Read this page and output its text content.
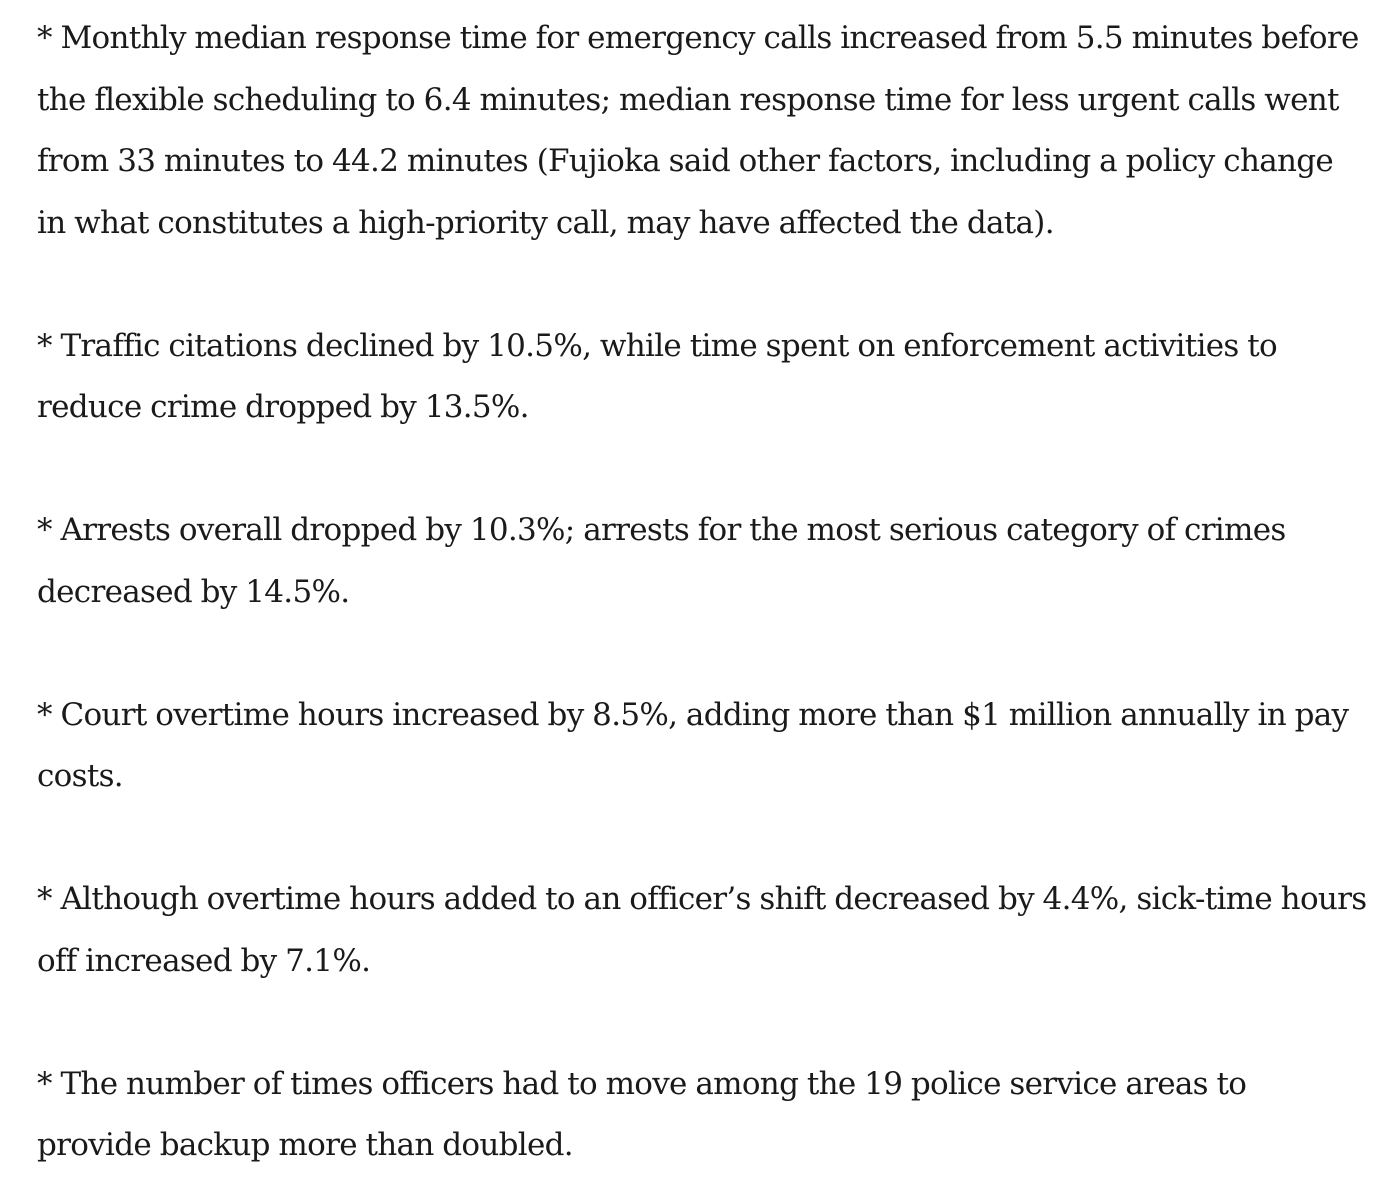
* Monthly median response time for emergency calls increased from 5.5 minutes before the flexible scheduling to 6.4 minutes; median response time for less urgent calls went from 33 minutes to 44.2 minutes (Fujioka said other factors, including a policy change in what constitutes a high-priority call, may have affected the data).

* Traffic citations declined by 10.5%, while time spent on enforcement activities to reduce crime dropped by 13.5%.

* Arrests overall dropped by 10.3%; arrests for the most serious category of crimes decreased by 14.5%.

* Court overtime hours increased by 8.5%, adding more than $1 million annually in pay costs.

* Although overtime hours added to an officer’s shift decreased by 4.4%, sick-time hours off increased by 7.1%.

* The number of times officers had to move among the 19 police service areas to provide backup more than doubled.
